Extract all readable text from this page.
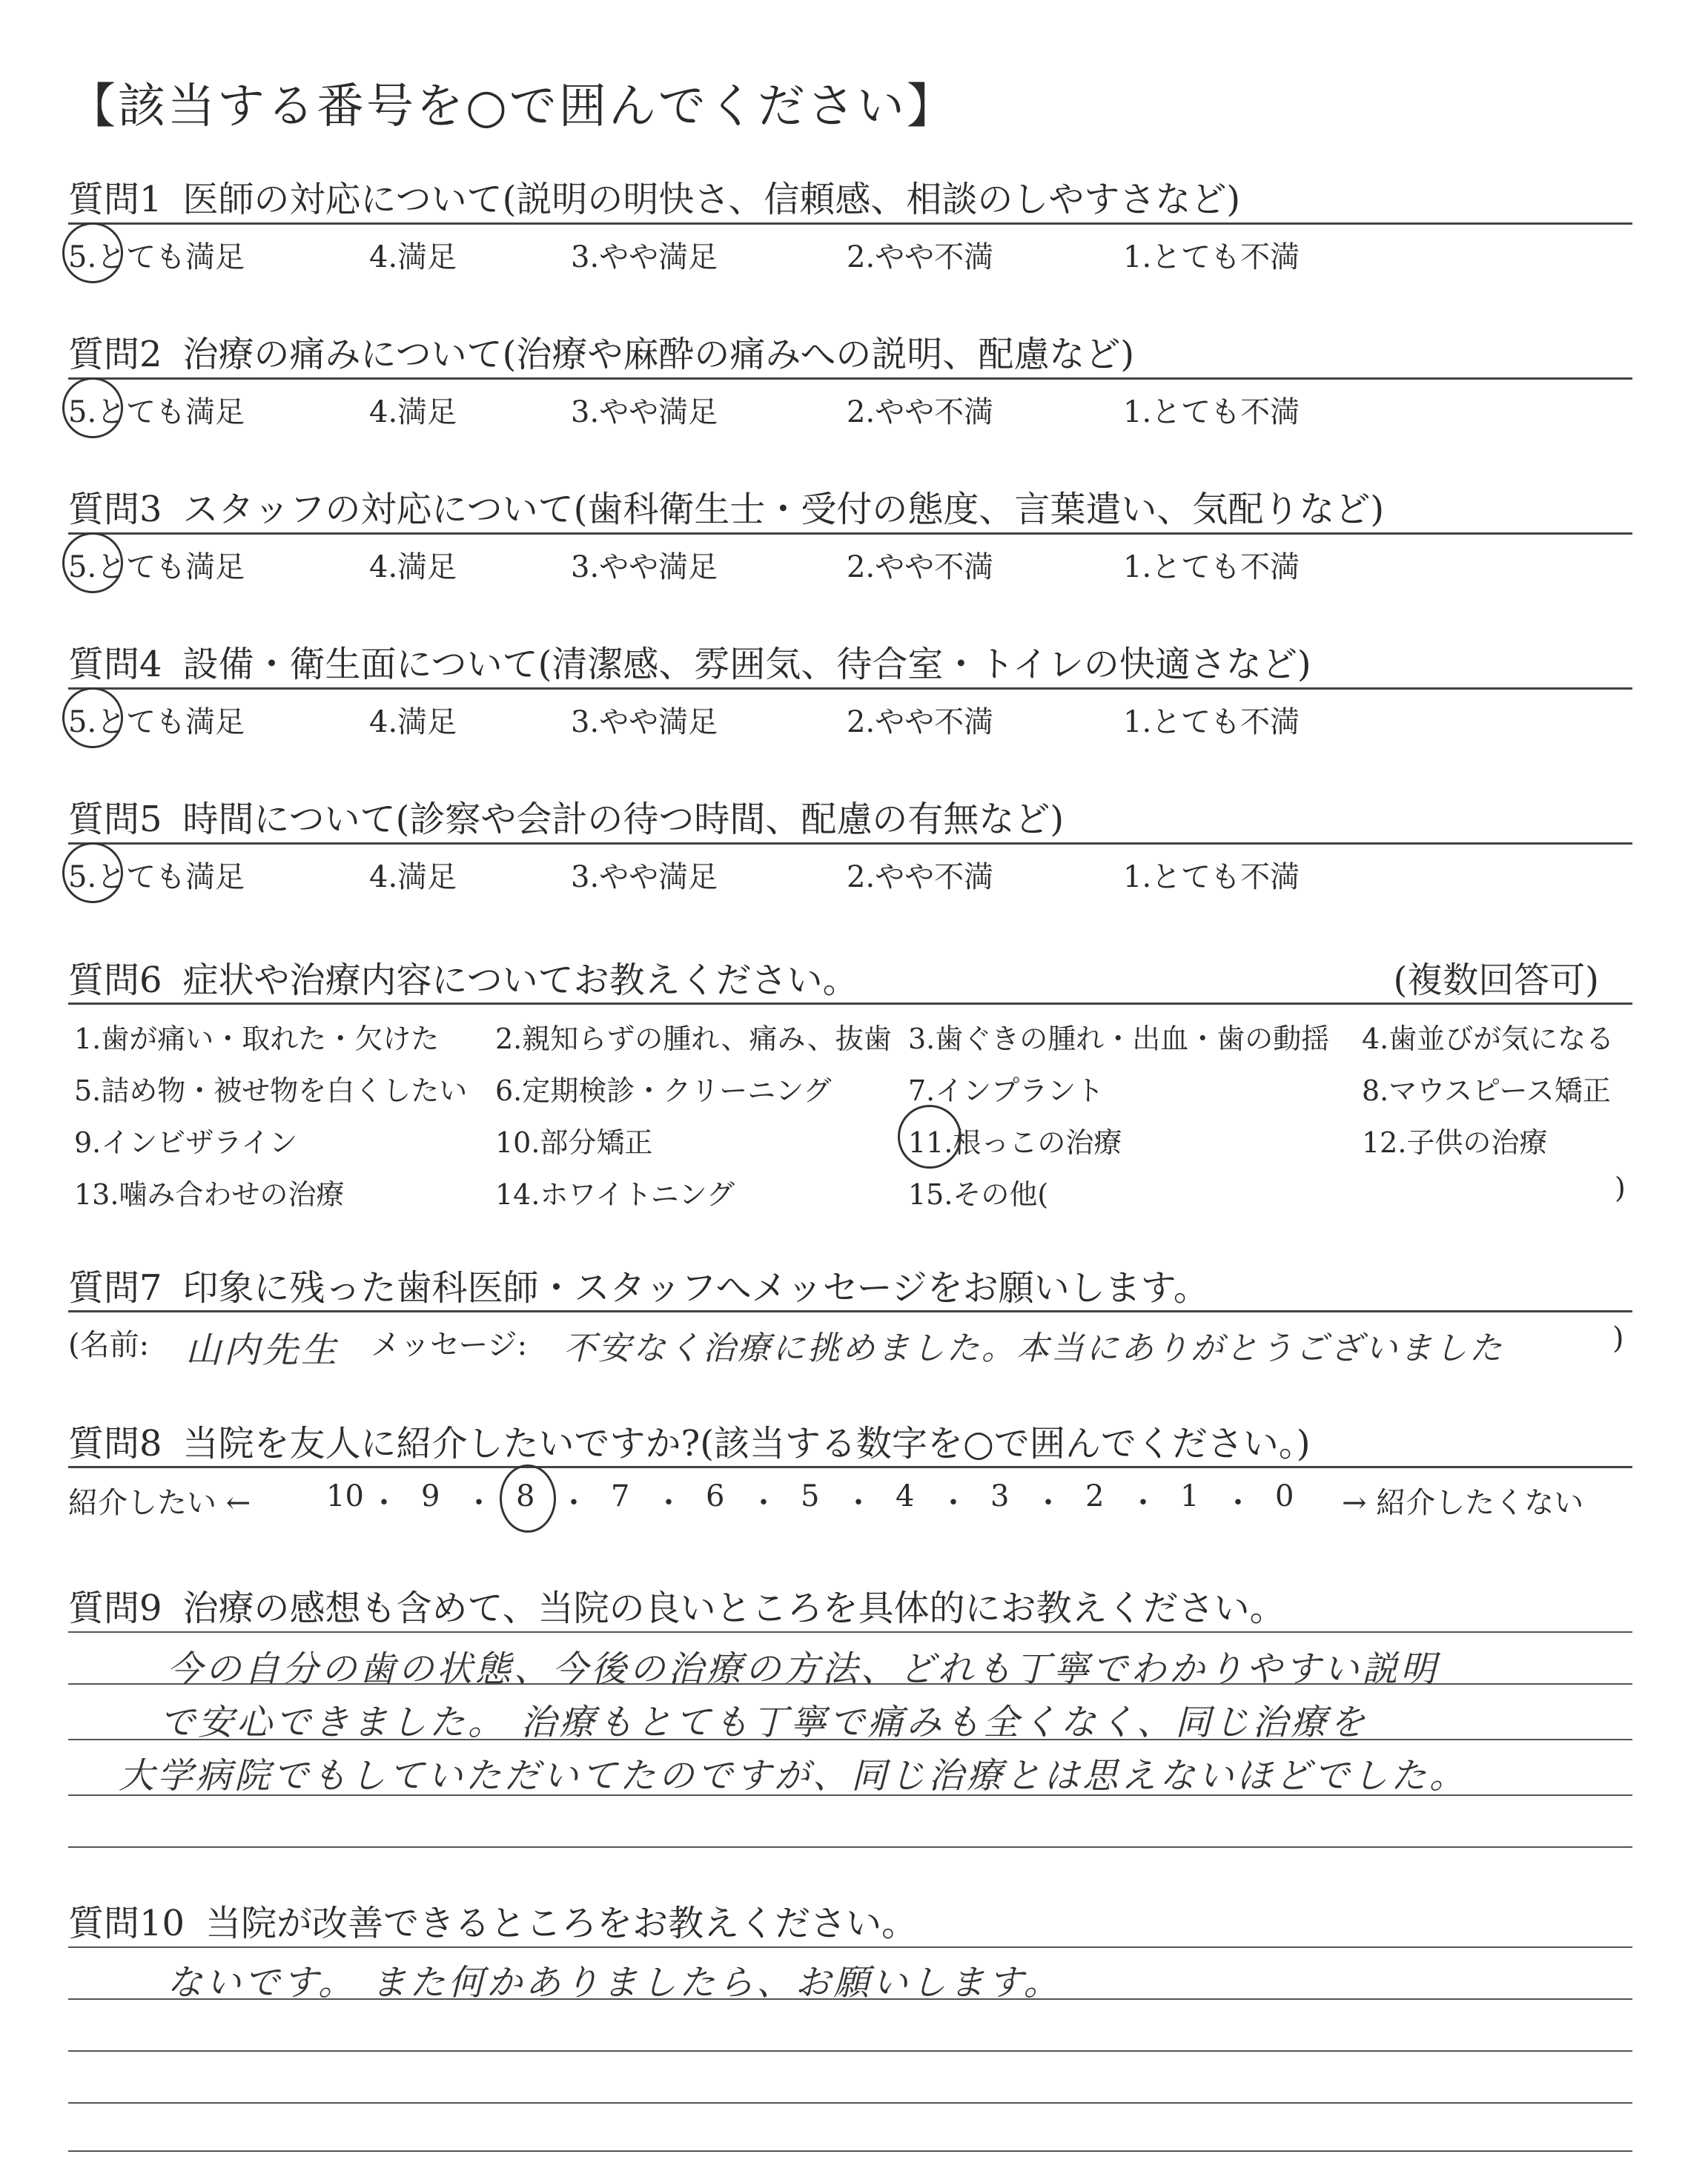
【該当する番号を○で囲んでください】
質問1 医師の対応について(説明の明快さ、信頼感、相談のしやすさなど)
5.とても満足	4.満足	3.やや満足	2.やや不満	1.とても不満
質問2 治療の痛みについて(治療や麻酔の痛みへの説明、配慮など)
5.とても満足	4.満足	3.やや満足	2.やや不満	1.とても不満
質問3 スタッフの対応について(歯科衛生士・受付の態度、言葉遣い、気配りなど)
5.とても満足	4.満足	3.やや満足	2.やや不満	1.とても不満
質問4 設備・衛生面について(清潔感、雰囲気、待合室・トイレの快適さなど)
5.とても満足	4.満足	3.やや満足	2.やや不満	1.とても不満
質問5 時間について(診察や会計の待つ時間、配慮の有無など)
5.とても満足	4.満足	3.やや満足	2.やや不満	1.とても不満
質問6 症状や治療内容についてお教えください。	(複数回答可)
1.歯が痛い・取れた・欠けた 2.親知らずの腫れ、痛み、抜歯 3.歯ぐきの腫れ・出血・歯の動揺 4.歯並びが気になる
5.詰め物・被せ物を白くしたい 6.定期検診・クリーニング	7.インプラント	8.マウスピース矯正
9.インビザライン	10.部分矯正	11.根っこの治療	12.子供の治療
13.噛み合わせの治療	14.ホワイトニング	15.その他(	)
質問7 印象に残った歯科医師・スタッフへメッセージをお願いします。
(名前: 山内先生 メッセージ: 不安なく治療に挑めました。本当にありがとうございました	)
質問8 当院を友人に紹介したいですか?(該当する数字を○で囲んでください。)
紹介したい ←	→ 紹介したくない
10 ・ 9 ・ 8 ・ 7 ・ 6 ・ 5 ・ 4 ・ 3 ・ 2 ・ 1 ・ 0
質問9 治療の感想も含めて、当院の良いところを具体的にお教えください。
今の自分の歯の状態、今後の治療の方法、どれも丁寧でわかりやすい説明
で安心できました。 治療もとても丁寧で痛みも全くなく、同じ治療を
大学病院でもしていただいてたのですが、同じ治療とは思えないほどでした。
質問10 当院が改善できるところをお教えください。
ないです。 また何かありましたら、お願いします。
